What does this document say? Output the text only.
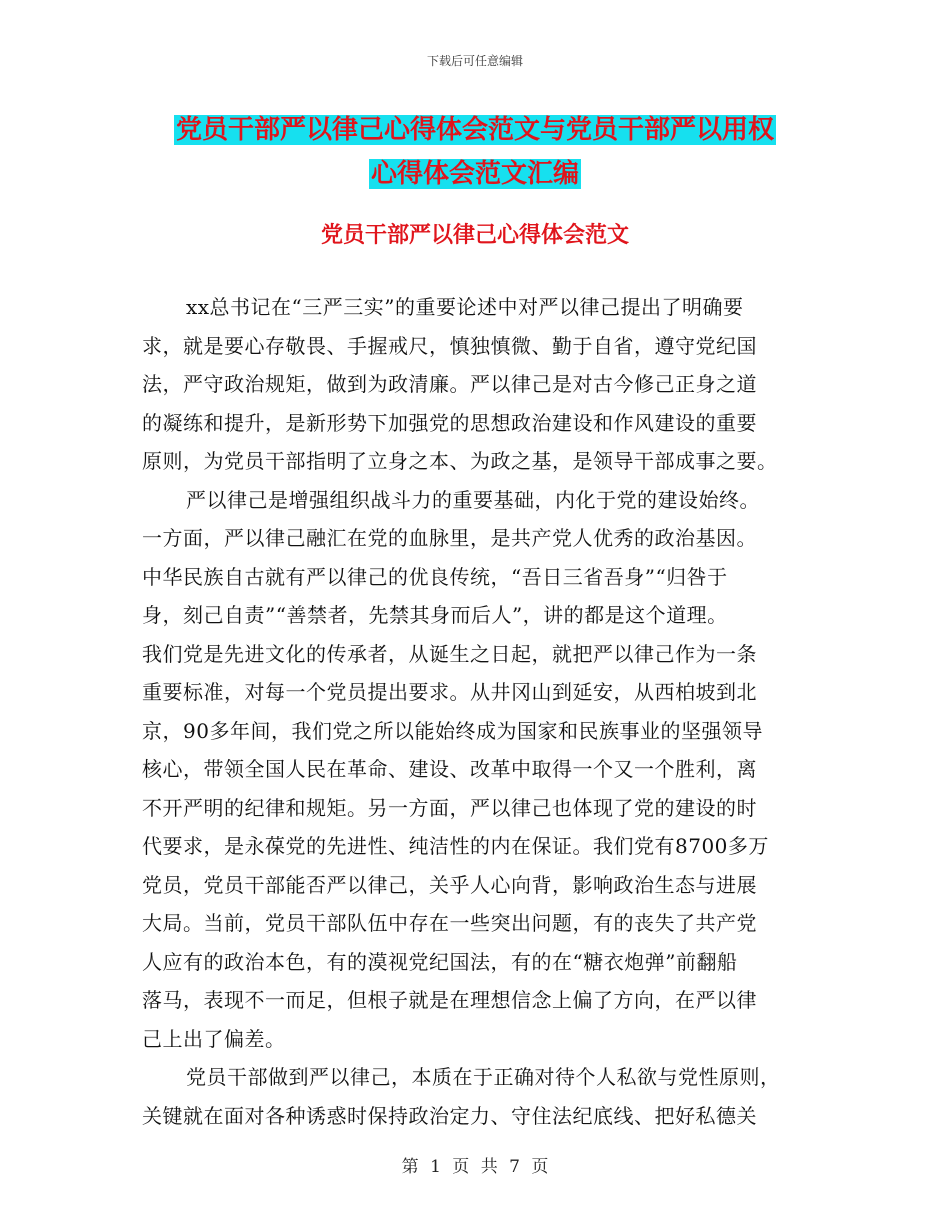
下载后可任意编辑
党员干部严以律己心得体会范文与党员干部严以用权
心得体会范文汇编
党员干部严以律己心得体会范文
xx总书记在“三严三实”的重要论述中对严以律己提出了明确要
求，就是要心存敬畏、手握戒尺，慎独慎微、勤于自省，遵守党纪国
法，严守政治规矩，做到为政清廉。严以律己是对古今修己正身之道
的凝练和提升，是新形势下加强党的思想政治建设和作风建设的重要
原则，为党员干部指明了立身之本、为政之基，是领导干部成事之要。
严以律己是增强组织战斗力的重要基础，内化于党的建设始终。
一方面，严以律己融汇在党的血脉里，是共产党人优秀的政治基因。
中华民族自古就有严以律己的优良传统，“吾日三省吾身”“归咎于
身，刻己自责”“善禁者，先禁其身而后人”，讲的都是这个道理。
我们党是先进文化的传承者，从诞生之日起，就把严以律己作为一条
重要标准，对每一个党员提出要求。从井冈山到延安，从西柏坡到北
京，90多年间，我们党之所以能始终成为国家和民族事业的坚强领导
核心，带领全国人民在革命、建设、改革中取得一个又一个胜利，离
不开严明的纪律和规矩。另一方面，严以律己也体现了党的建设的时
代要求，是永葆党的先进性、纯洁性的内在保证。我们党有8700多万
党员，党员干部能否严以律己，关乎人心向背，影响政治生态与进展
大局。当前，党员干部队伍中存在一些突出问题，有的丧失了共产党
人应有的政治本色，有的漠视党纪国法，有的在“糖衣炮弹”前翻船
落马，表现不一而足，但根子就是在理想信念上偏了方向，在严以律
己上出了偏差。
党员干部做到严以律己，本质在于正确对待个人私欲与党性原则，
关键就在面对各种诱惑时保持政治定力、守住法纪底线、把好私德关
第 1 页 共 7 页
